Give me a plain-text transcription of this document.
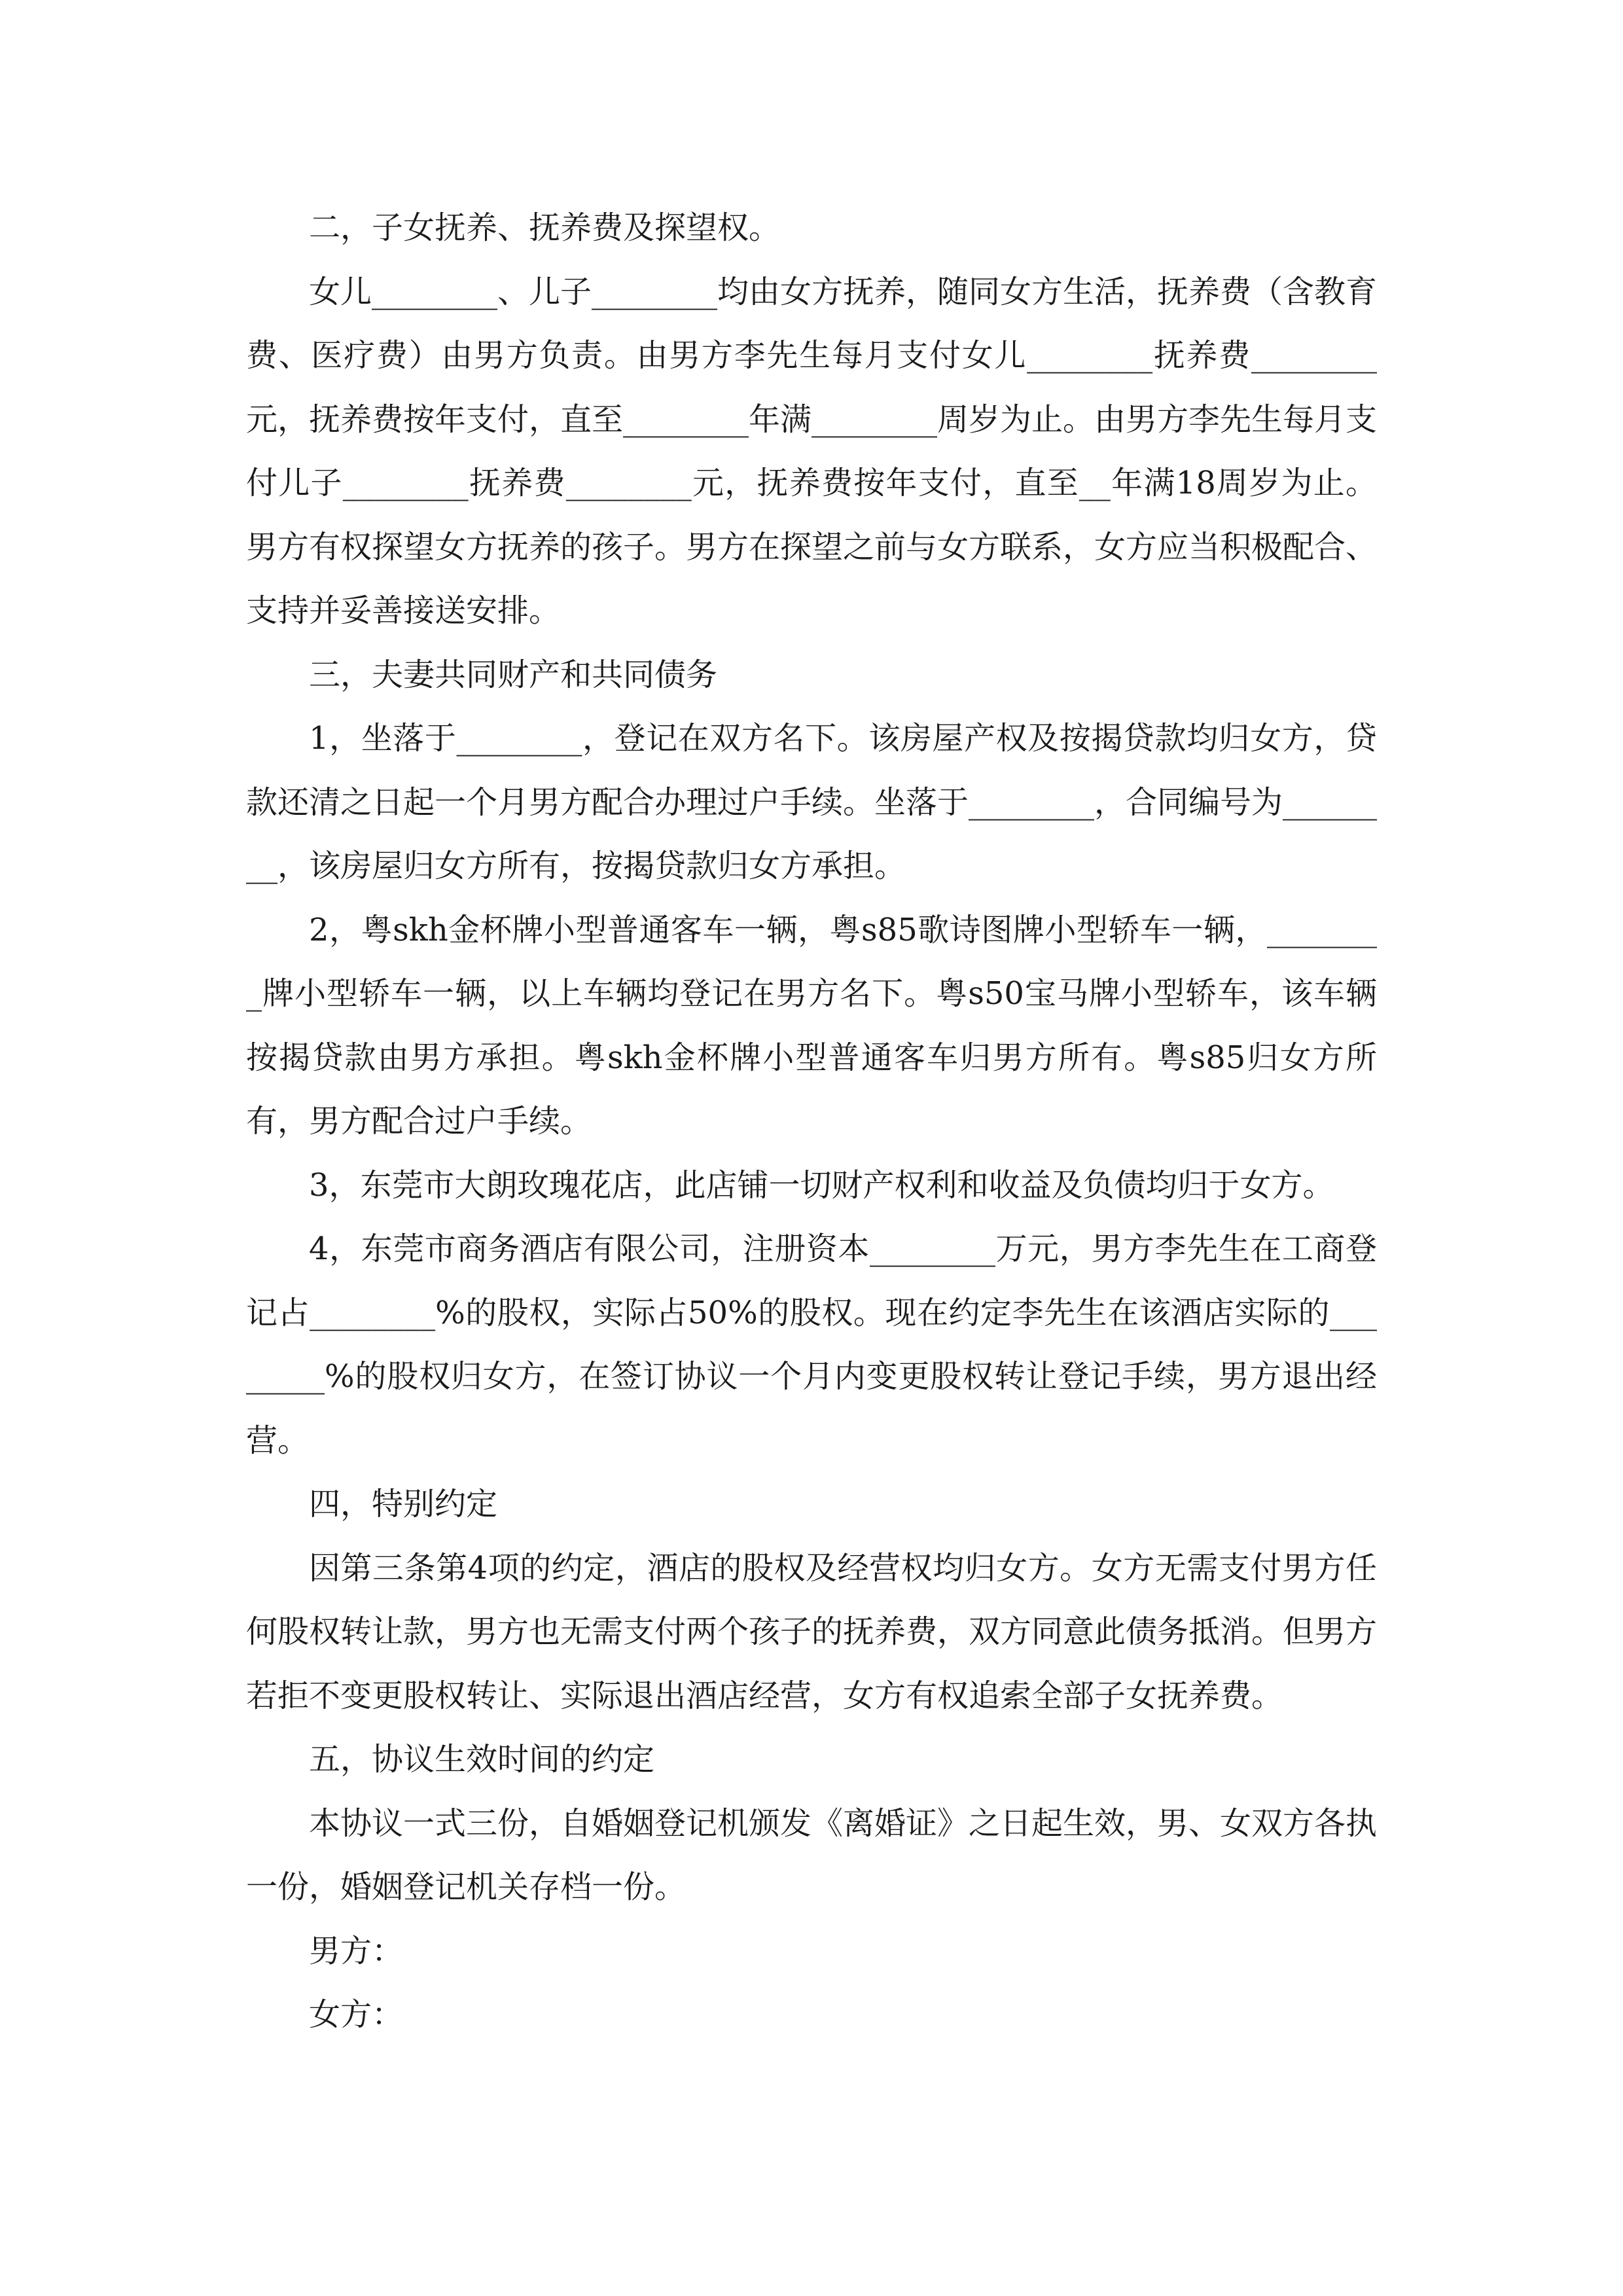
二，子女抚养、抚养费及探望权。

女儿________、儿子________均由女方抚养，随同女方生活，抚养费（含教育费、医疗费）由男方负责。由男方李先生每月支付女儿________抚养费________元，抚养费按年支付，直至________年满________周岁为止。由男方李先生每月支付儿子________抚养费________元，抚养费按年支付，直至__年满18周岁为止。男方有权探望女方抚养的孩子。男方在探望之前与女方联系，女方应当积极配合、支持并妥善接送安排。

三，夫妻共同财产和共同债务

1，坐落于________，登记在双方名下。该房屋产权及按揭贷款均归女方，贷款还清之日起一个月男方配合办理过户手续。坐落于________，合同编号为________，该房屋归女方所有，按揭贷款归女方承担。

2，粤skh金杯牌小型普通客车一辆，粤s85歌诗图牌小型轿车一辆，________牌小型轿车一辆，以上车辆均登记在男方名下。粤s50宝马牌小型轿车，该车辆按揭贷款由男方承担。粤skh金杯牌小型普通客车归男方所有。粤s85归女方所有，男方配合过户手续。

3，东莞市大朗玫瑰花店，此店铺一切财产权利和收益及负债均归于女方。

4，东莞市商务酒店有限公司，注册资本________万元，男方李先生在工商登记占________%的股权，实际占50%的股权。现在约定李先生在该酒店实际的________%的股权归女方，在签订协议一个月内变更股权转让登记手续，男方退出经营。

四，特别约定

因第三条第4项的约定，酒店的股权及经营权均归女方。女方无需支付男方任何股权转让款，男方也无需支付两个孩子的抚养费，双方同意此债务抵消。但男方若拒不变更股权转让、实际退出酒店经营，女方有权追索全部子女抚养费。

五，协议生效时间的约定

本协议一式三份，自婚姻登记机颁发《离婚证》之日起生效，男、女双方各执一份，婚姻登记机关存档一份。

男方：

女方：
